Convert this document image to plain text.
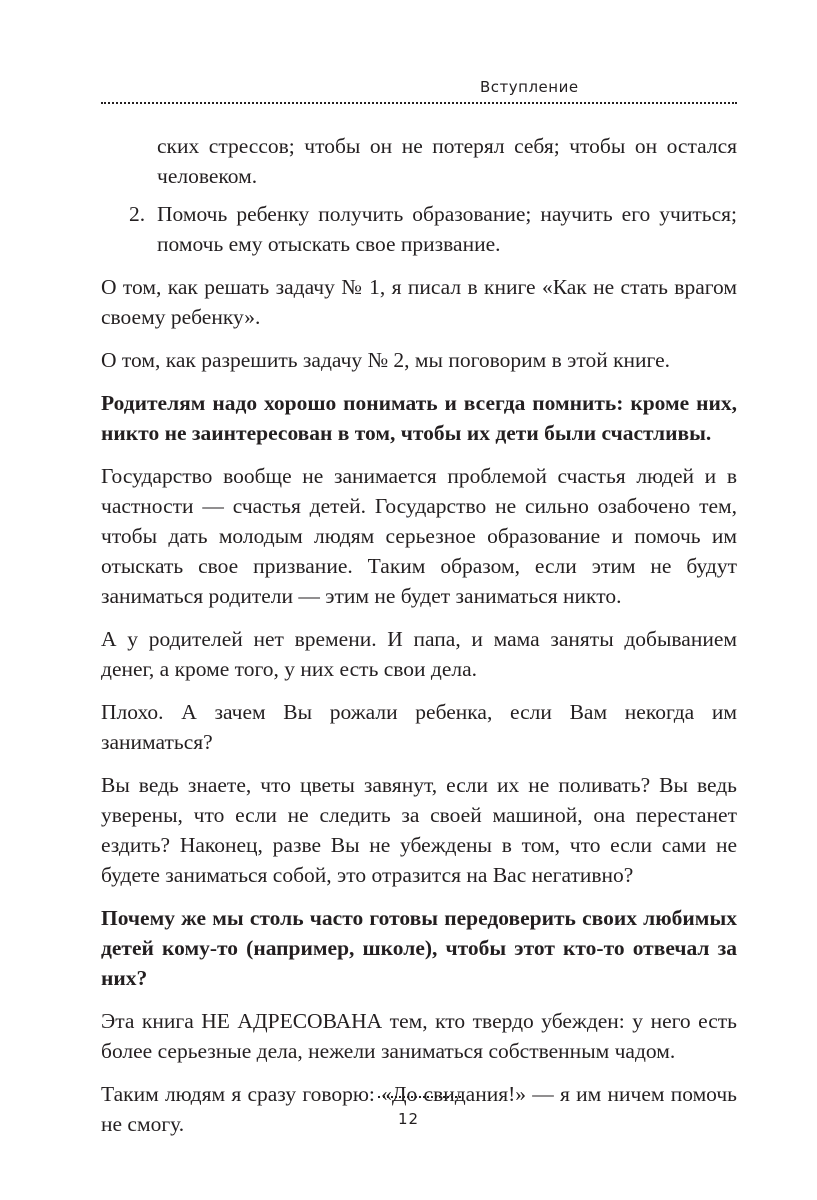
Вступление
ских стрессов; чтобы он не потерял себя; чтобы он остался человеком.
2. Помочь ребенку получить образование; научить его учиться; помочь ему отыскать свое призвание.

О том, как решать задачу № 1, я писал в книге «Как не стать врагом своему ребенку».

О том, как разрешить задачу № 2, мы поговорим в этой книге.

Родителям надо хорошо понимать и всегда помнить: кроме них, никто не заинтересован в том, чтобы их дети были счастливы.

Государство вообще не занимается проблемой счастья людей и в частности — счастья детей. Государство не сильно озабочено тем, чтобы дать молодым людям серьезное образование и помочь им отыскать свое призвание. Таким образом, если этим не будут заниматься родители — этим не будет заниматься никто.

А у родителей нет времени. И папа, и мама заняты добыванием денег, а кроме того, у них есть свои дела.

Плохо. А зачем Вы рожали ребенка, если Вам некогда им заниматься?

Вы ведь знаете, что цветы завянут, если их не поливать? Вы ведь уверены, что если не следить за своей машиной, она перестанет ездить? Наконец, разве Вы не убеждены в том, что если сами не будете заниматься собой, это отразится на Вас негативно?

Почему же мы столь часто готовы передоверить своих любимых детей кому-то (например, школе), чтобы этот кто-то отвечал за них?

Эта книга НЕ АДРЕСОВАНА тем, кто твердо убежден: у него есть более серьезные дела, нежели заниматься собственным чадом.

Таким людям я сразу говорю: «До свидания!» — я им ничем помочь не смогу.	12
